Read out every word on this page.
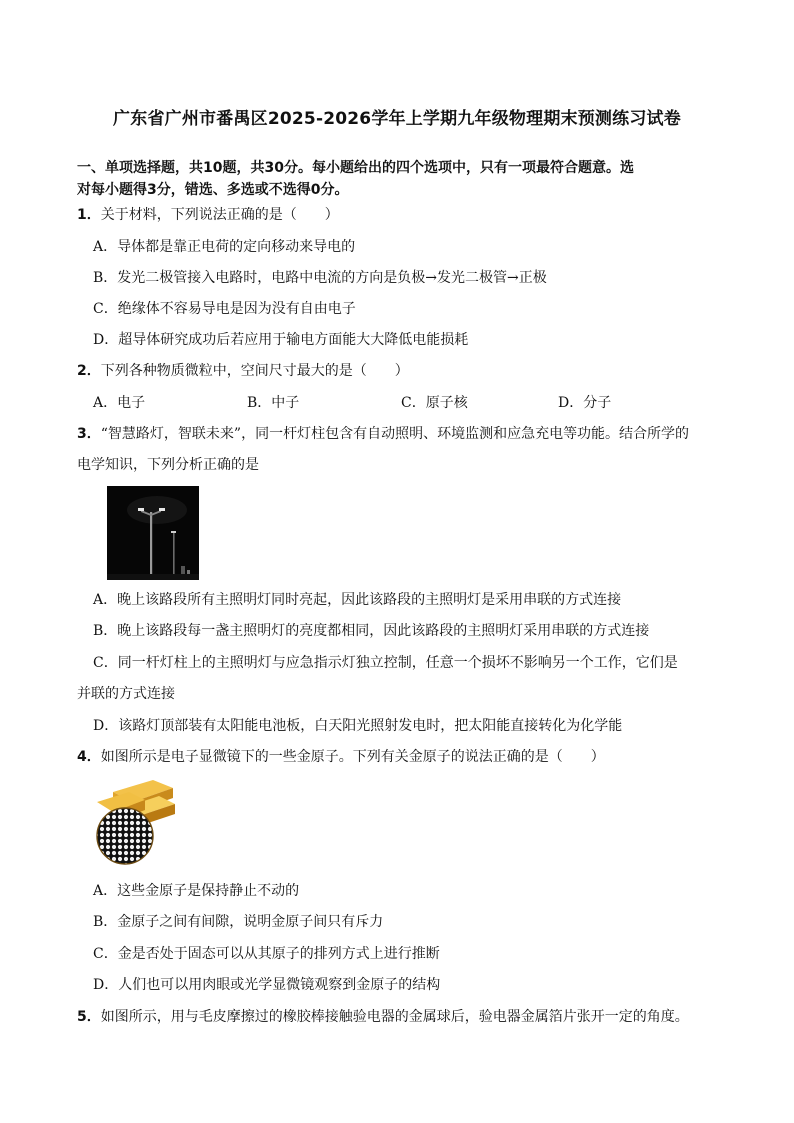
广东省广州市番禺区2025-2026学年上学期九年级物理期末预测练习试卷
一、单项选择题，共10题，共30分。每小题给出的四个选项中，只有一项最符合题意。选
对每小题得3分，错选、多选或不选得0分。
1．关于材料，下列说法正确的是（　　）
A．导体都是靠正电荷的定向移动来导电的
B．发光二极管接入电路时，电路中电流的方向是负极→发光二极管→正极
C．绝缘体不容易导电是因为没有自由电子
D．超导体研究成功后若应用于输电方面能大大降低电能损耗
2．下列各种物质微粒中，空间尺寸最大的是（　　）
A．电子	B．中子	C．原子核	D．分子
3．“智慧路灯，智联未来”，同一杆灯柱包含有自动照明、环境监测和应急充电等功能。结合所学的
电学知识，下列分析正确的是
A．晚上该路段所有主照明灯同时亮起，因此该路段的主照明灯是采用串联的方式连接
B．晚上该路段每一盏主照明灯的亮度都相同，因此该路段的主照明灯采用串联的方式连接
C．同一杆灯柱上的主照明灯与应急指示灯独立控制，任意一个损坏不影响另一个工作，它们是
并联的方式连接
D．该路灯顶部装有太阳能电池板，白天阳光照射发电时，把太阳能直接转化为化学能
4．如图所示是电子显微镜下的一些金原子。下列有关金原子的说法正确的是（　　）
A．这些金原子是保持静止不动的
B．金原子之间有间隙，说明金原子间只有斥力
C．金是否处于固态可以从其原子的排列方式上进行推断
D．人们也可以用肉眼或光学显微镜观察到金原子的结构
5．如图所示，用与毛皮摩擦过的橡胶棒接触验电器的金属球后，验电器金属箔片张开一定的角度。
